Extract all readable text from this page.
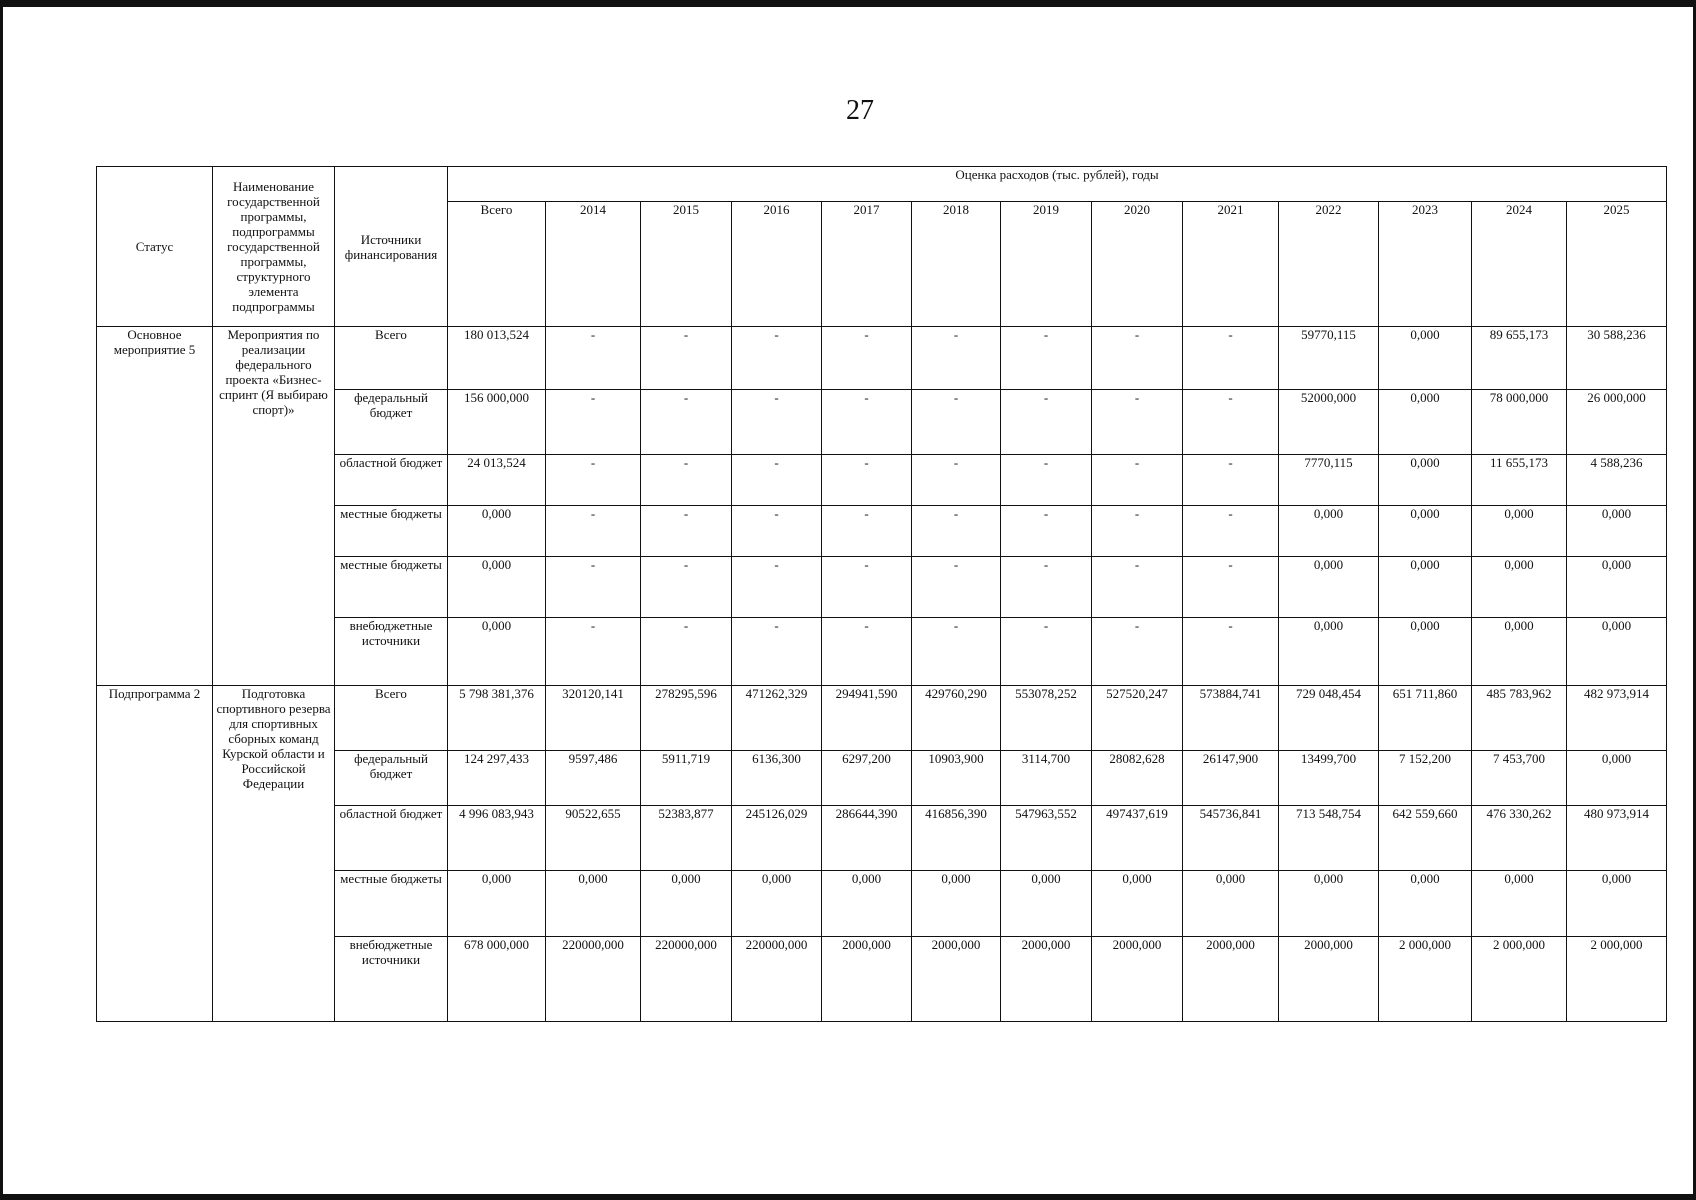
27
Статус	Наименование государственной программы, подпрограммы государственной программы, структурного элемента подпрограммы	Источники финансирования	Оценка расходов (тыс. рублей), годы												
			Всего	2014	2015	2016	2017	2018	2019	2020	2021	2022	2023	2024	2025
Основное мероприятие 5	Мероприятия по реализации федерального проекта «Бизнес-спринт (Я выбираю спорт)»	Всего	180 013,524	-	-	-	-	-	-	-	-	59770,115	0,000	89 655,173	30 588,236
		федеральный бюджет	156 000,000	-	-	-	-	-	-	-	-	52000,000	0,000	78 000,000	26 000,000
		областной бюджет	24 013,524	-	-	-	-	-	-	-	-	7770,115	0,000	11 655,173	4 588,236
		местные бюджеты	0,000	-	-	-	-	-	-	-	-	0,000	0,000	0,000	0,000
		местные бюджеты	0,000	-	-	-	-	-	-	-	-	0,000	0,000	0,000	0,000
		внебюджетные источники	0,000	-	-	-	-	-	-	-	-	0,000	0,000	0,000	0,000
Подпрограмма 2	Подготовка спортивного резерва для спортивных сборных команд Курской области и Российской Федерации	Всего	5 798 381,376	320120,141	278295,596	471262,329	294941,590	429760,290	553078,252	527520,247	573884,741	729 048,454	651 711,860	485 783,962	482 973,914
		федеральный бюджет	124 297,433	9597,486	5911,719	6136,300	6297,200	10903,900	3114,700	28082,628	26147,900	13499,700	7 152,200	7 453,700	0,000
		областной бюджет	4 996 083,943	90522,655	52383,877	245126,029	286644,390	416856,390	547963,552	497437,619	545736,841	713 548,754	642 559,660	476 330,262	480 973,914
		местные бюджеты	0,000	0,000	0,000	0,000	0,000	0,000	0,000	0,000	0,000	0,000	0,000	0,000	0,000
		внебюджетные источники	678 000,000	220000,000	220000,000	220000,000	2000,000	2000,000	2000,000	2000,000	2000,000	2000,000	2 000,000	2 000,000	2 000,000
